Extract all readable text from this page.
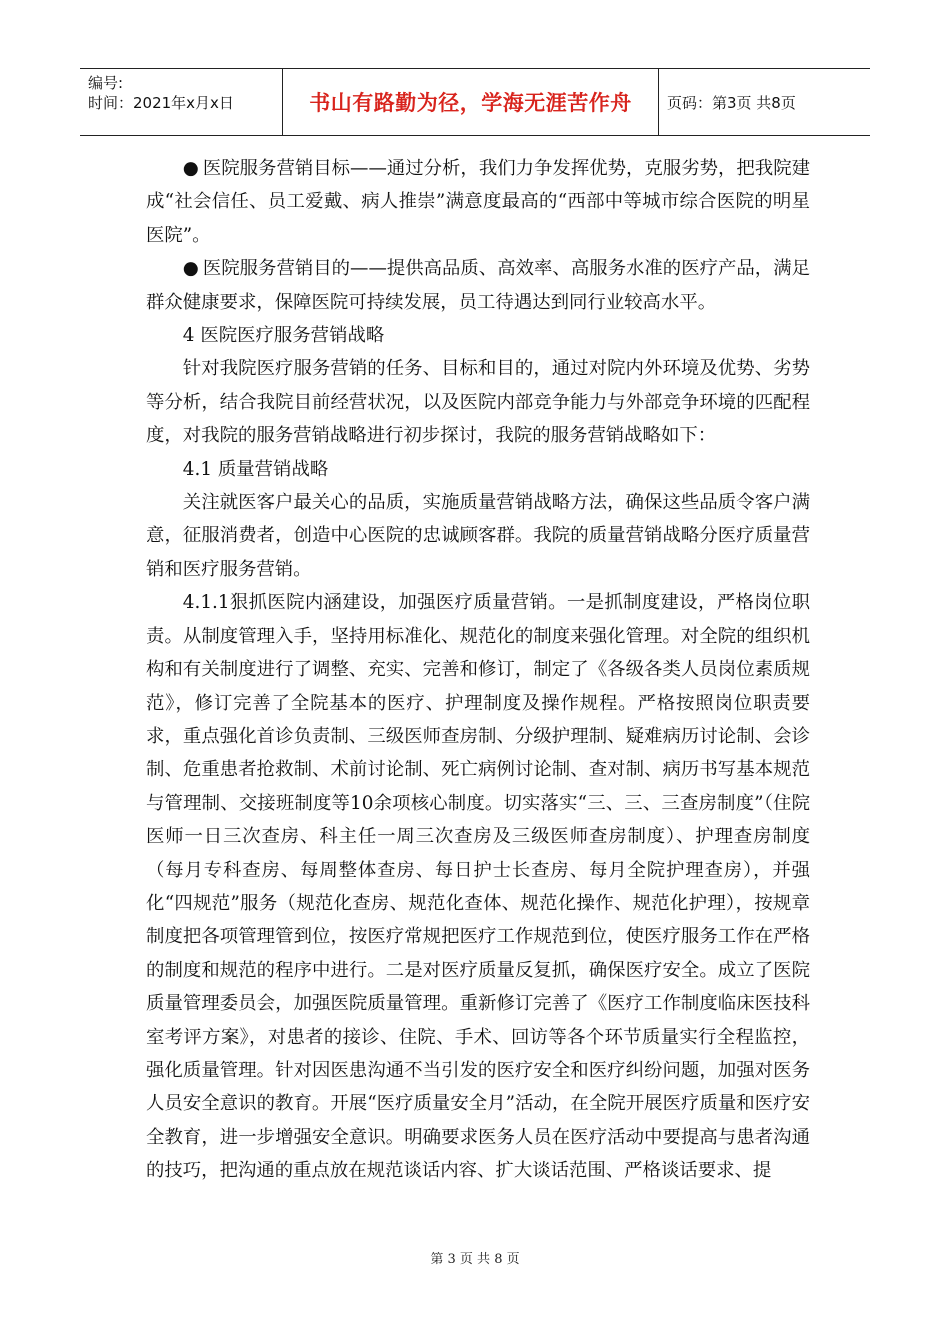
编号:
时间：2021年x月x日	书山有路勤为径，学海无涯苦作舟	页码：第3页 共8页

● 医院服务营销目标——通过分析，我们力争发挥优势，克服劣势，把我院建成“社会信任、员工爱戴、病人推崇”满意度最高的“西部中等城市综合医院的明星医院”。

● 医院服务营销目的——提供高品质、高效率、高服务水准的医疗产品，满足群众健康要求，保障医院可持续发展，员工待遇达到同行业较高水平。

4 医院医疗服务营销战略

针对我院医疗服务营销的任务、目标和目的，通过对院内外环境及优势、劣势等分析，结合我院目前经营状况，以及医院内部竞争能力与外部竞争环境的匹配程度，对我院的服务营销战略进行初步探讨，我院的服务营销战略如下：

4.1 质量营销战略

关注就医客户最关心的品质，实施质量营销战略方法，确保这些品质令客户满意，征服消费者，创造中心医院的忠诚顾客群。我院的质量营销战略分医疗质量营销和医疗服务营销。

4.1.1狠抓医院内涵建设，加强医疗质量营销。一是抓制度建设，严格岗位职责。从制度管理入手，坚持用标准化、规范化的制度来强化管理。对全院的组织机构和有关制度进行了调整、充实、完善和修订，制定了《各级各类人员岗位素质规范》，修订完善了全院基本的医疗、护理制度及操作规程。严格按照岗位职责要求，重点强化首诊负责制、三级医师查房制、分级护理制、疑难病历讨论制、会诊制、危重患者抢救制、术前讨论制、死亡病例讨论制、查对制、病历书写基本规范与管理制、交接班制度等10余项核心制度。切实落实“三、三、三查房制度”（住院医师一日三次查房、科主任一周三次查房及三级医师查房制度）、护理查房制度（每月专科查房、每周整体查房、每日护士长查房、每月全院护理查房），并强化“四规范”服务（规范化查房、规范化查体、规范化操作、规范化护理），按规章制度把各项管理管到位，按医疗常规把医疗工作规范到位，使医疗服务工作在严格的制度和规范的程序中进行。二是对医疗质量反复抓，确保医疗安全。成立了医院质量管理委员会，加强医院质量管理。重新修订完善了《医疗工作制度临床医技科室考评方案》，对患者的接诊、住院、手术、回访等各个环节质量实行全程监控，强化质量管理。针对因医患沟通不当引发的医疗安全和医疗纠纷问题，加强对医务人员安全意识的教育。开展“医疗质量安全月”活动，在全院开展医疗质量和医疗安全教育，进一步增强安全意识。明确要求医务人员在医疗活动中要提高与患者沟通的技巧，把沟通的重点放在规范谈话内容、扩大谈话范围、严格谈话要求、提

第 3 页 共 8 页
